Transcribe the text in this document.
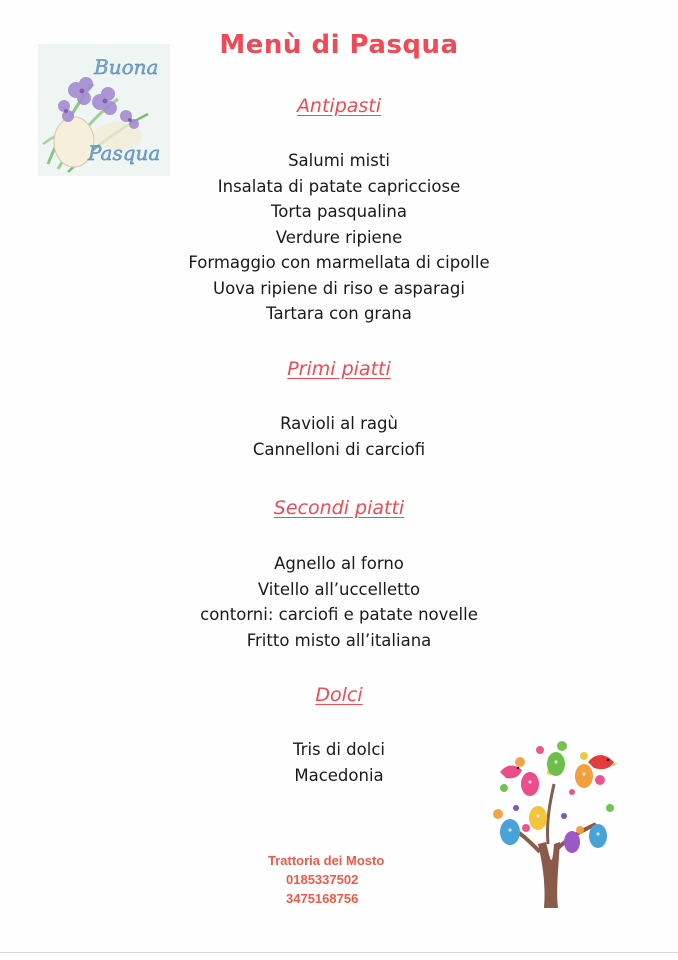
Buona
Pasqua
Menù di Pasqua
Antipasti
Salumi misti
Insalata di patate capricciose
Torta pasqualina
Verdure ripiene
Formaggio con marmellata di cipolle
Uova ripiene di riso e asparagi
Tartara con grana
Primi piatti
Ravioli al ragù
Cannelloni di carciofi
Secondi piatti
Agnello al forno
Vitello all’uccelletto
contorni: carciofi e patate novelle
Fritto misto all’italiana
Dolci
Tris di dolci
Macedonia
Trattoria dei Mosto
0185337502
3475168756
